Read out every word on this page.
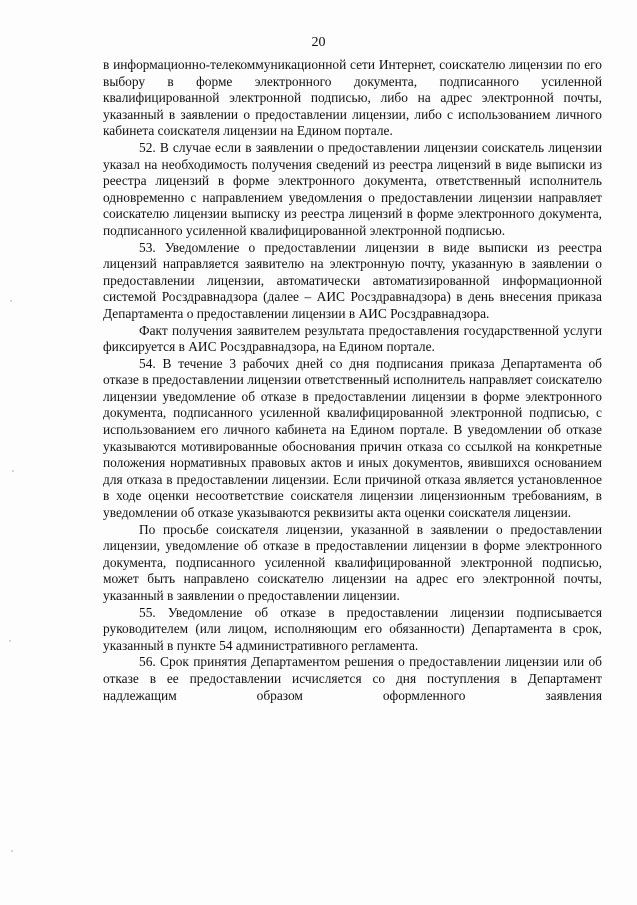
20

в информационно-телекоммуникационной сети Интернет, соискателю лицензии по его выбору в форме электронного документа, подписанного усиленной квалифицированной электронной подписью, либо на адрес электронной почты, указанный в заявлении о предоставлении лицензии, либо с использованием личного кабинета соискателя лицензии на Едином портале.

52. В случае если в заявлении о предоставлении лицензии соискатель лицензии указал на необходимость получения сведений из реестра лицензий в виде выписки из реестра лицензий в форме электронного документа, ответственный исполнитель одновременно с направлением уведомления о предоставлении лицензии направляет соискателю лицензии выписку из реестра лицензий в форме электронного документа, подписанного усиленной квалифицированной электронной подписью.

53. Уведомление о предоставлении лицензии в виде выписки из реестра лицензий направляется заявителю на электронную почту, указанную в заявлении о предоставлении лицензии, автоматически автоматизированной информационной системой Росздравнадзора (далее – АИС Росздравнадзора) в день внесения приказа Департамента о предоставлении лицензии в АИС Росздравнадзора.

Факт получения заявителем результата предоставления государственной услуги фиксируется в АИС Росздравнадзора, на Едином портале.

54. В течение 3 рабочих дней со дня подписания приказа Департамента об отказе в предоставлении лицензии ответственный исполнитель направляет соискателю лицензии уведомление об отказе в предоставлении лицензии в форме электронного документа, подписанного усиленной квалифицированной электронной подписью, с использованием его личного кабинета на Едином портале. В уведомлении об отказе указываются мотивированные обоснования причин отказа со ссылкой на конкретные положения нормативных правовых актов и иных документов, явившихся основанием для отказа в предоставлении лицензии. Если причиной отказа является установленное в ходе оценки несоответствие соискателя лицензии лицензионным требованиям, в уведомлении об отказе указываются реквизиты акта оценки соискателя лицензии.

По просьбе соискателя лицензии, указанной в заявлении о предоставлении лицензии, уведомление об отказе в предоставлении лицензии в форме электронного документа, подписанного усиленной квалифицированной электронной подписью, может быть направлено соискателю лицензии на адрес его электронной почты, указанный в заявлении о предоставлении лицензии.

55. Уведомление об отказе в предоставлении лицензии подписывается руководителем (или лицом, исполняющим его обязанности) Департамента в срок, указанный в пункте 54 административного регламента.

56. Срок принятия Департаментом решения о предоставлении лицензии или об отказе в ее предоставлении исчисляется со дня поступления в Департамент надлежащим образом оформленного заявления
